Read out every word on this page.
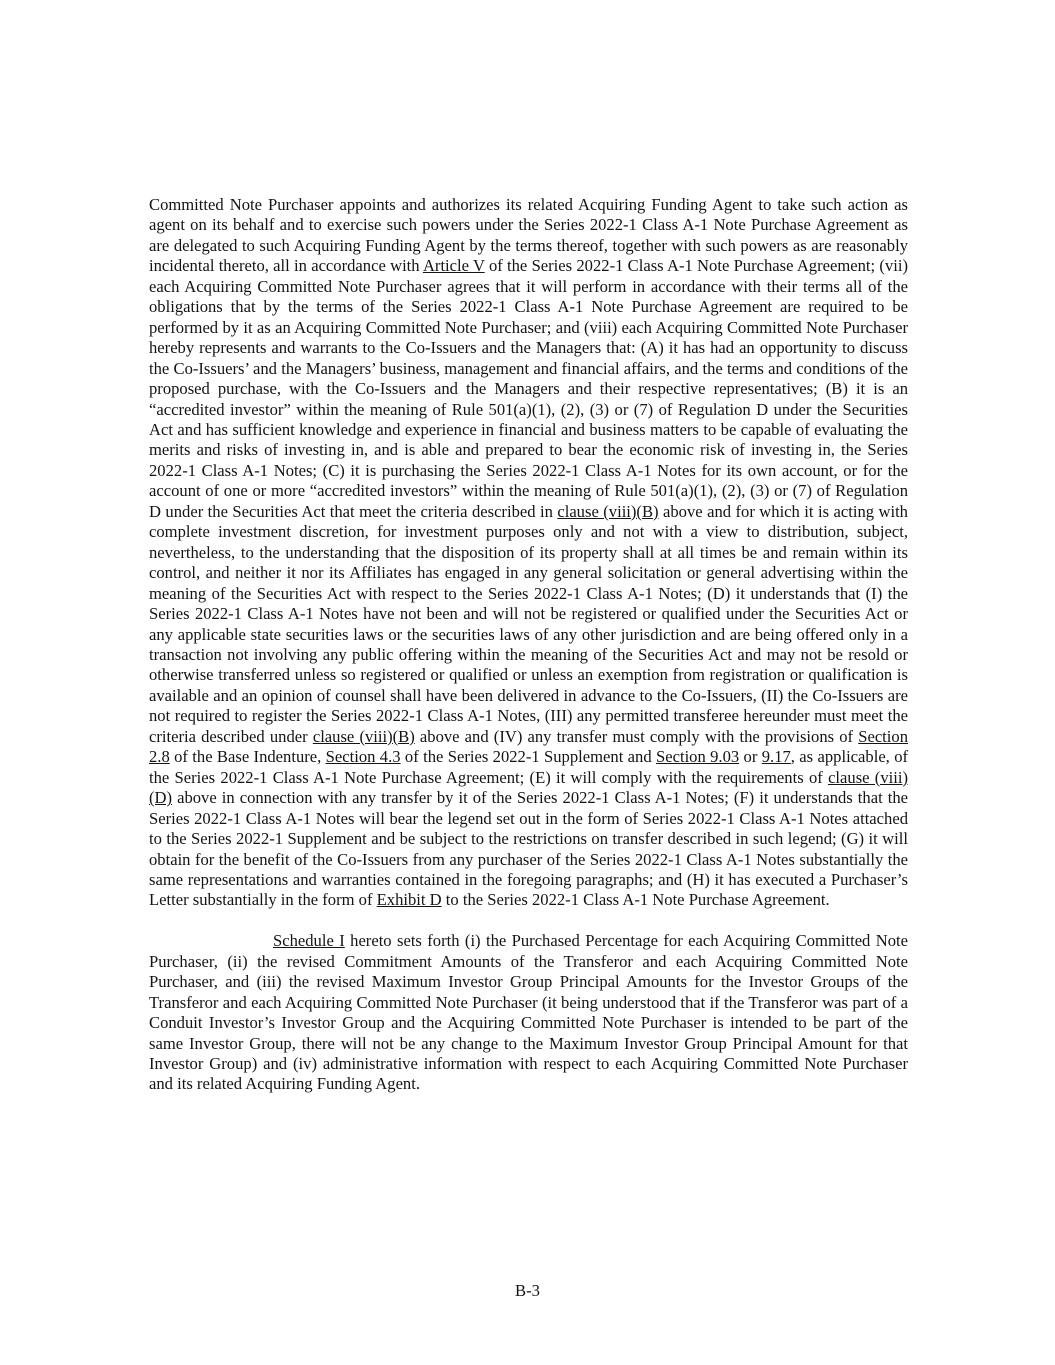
Committed Note Purchaser appoints and authorizes its related Acquiring Funding Agent to take such action as agent on its behalf and to exercise such powers under the Series 2022-1 Class A-1 Note Purchase Agreement as are delegated to such Acquiring Funding Agent by the terms thereof, together with such powers as are reasonably incidental thereto, all in accordance with Article V of the Series 2022-1 Class A-1 Note Purchase Agreement; (vii) each Acquiring Committed Note Purchaser agrees that it will perform in accordance with their terms all of the obligations that by the terms of the Series 2022-1 Class A-1 Note Purchase Agreement are required to be performed by it as an Acquiring Committed Note Purchaser; and (viii) each Acquiring Committed Note Purchaser hereby represents and warrants to the Co-Issuers and the Managers that: (A) it has had an opportunity to discuss the Co-Issuers’ and the Managers’ business, management and financial affairs, and the terms and conditions of the proposed purchase, with the Co-Issuers and the Managers and their respective representatives; (B) it is an “accredited investor” within the meaning of Rule 501(a)(1), (2), (3) or (7) of Regulation D under the Securities Act and has sufficient knowledge and experience in financial and business matters to be capable of evaluating the merits and risks of investing in, and is able and prepared to bear the economic risk of investing in, the Series 2022-1 Class A-1 Notes; (C) it is purchasing the Series 2022-1 Class A-1 Notes for its own account, or for the account of one or more “accredited investors” within the meaning of Rule 501(a)(1), (2), (3) or (7) of Regulation D under the Securities Act that meet the criteria described in clause (viii)(B) above and for which it is acting with complete investment discretion, for investment purposes only and not with a view to distribution, subject, nevertheless, to the understanding that the disposition of its property shall at all times be and remain within its control, and neither it nor its Affiliates has engaged in any general solicitation or general advertising within the meaning of the Securities Act with respect to the Series 2022-1 Class A-1 Notes; (D) it understands that (I) the Series 2022-1 Class A-1 Notes have not been and will not be registered or qualified under the Securities Act or any applicable state securities laws or the securities laws of any other jurisdiction and are being offered only in a transaction not involving any public offering within the meaning of the Securities Act and may not be resold or otherwise transferred unless so registered or qualified or unless an exemption from registration or qualification is available and an opinion of counsel shall have been delivered in advance to the Co-Issuers, (II) the Co-Issuers are not required to register the Series 2022-1 Class A-1 Notes, (III) any permitted transferee hereunder must meet the criteria described under clause (viii)(B) above and (IV) any transfer must comply with the provisions of Section 2.8 of the Base Indenture, Section 4.3 of the Series 2022-1 Supplement and Section 9.03 or 9.17, as applicable, of the Series 2022-1 Class A-1 Note Purchase Agreement; (E) it will comply with the requirements of clause (viii)(D) above in connection with any transfer by it of the Series 2022-1 Class A-1 Notes; (F) it understands that the Series 2022-1 Class A-1 Notes will bear the legend set out in the form of Series 2022-1 Class A-1 Notes attached to the Series 2022-1 Supplement and be subject to the restrictions on transfer described in such legend; (G) it will obtain for the benefit of the Co-Issuers from any purchaser of the Series 2022-1 Class A-1 Notes substantially the same representations and warranties contained in the foregoing paragraphs; and (H) it has executed a Purchaser’s Letter substantially in the form of Exhibit D to the Series 2022-1 Class A-1 Note Purchase Agreement.

Schedule I hereto sets forth (i) the Purchased Percentage for each Acquiring Committed Note Purchaser, (ii) the revised Commitment Amounts of the Transferor and each Acquiring Committed Note Purchaser, and (iii) the revised Maximum Investor Group Principal Amounts for the Investor Groups of the Transferor and each Acquiring Committed Note Purchaser (it being understood that if the Transferor was part of a Conduit Investor’s Investor Group and the Acquiring Committed Note Purchaser is intended to be part of the same Investor Group, there will not be any change to the Maximum Investor Group Principal Amount for that Investor Group) and (iv) administrative information with respect to each Acquiring Committed Note Purchaser and its related Acquiring Funding Agent.

B-3
